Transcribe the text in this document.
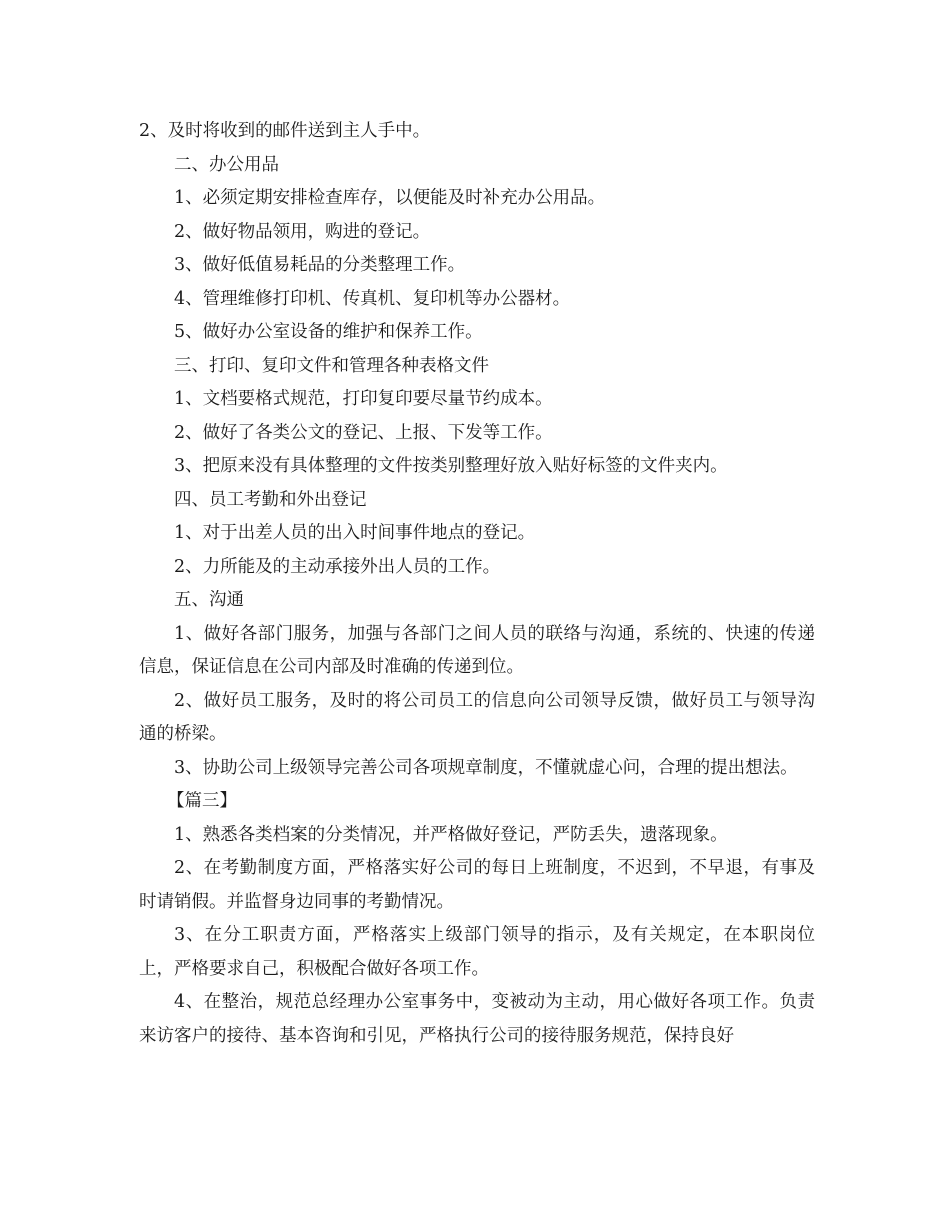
2、及时将收到的邮件送到主人手中。

二、办公用品

1、必须定期安排检查库存，以便能及时补充办公用品。

2、做好物品领用，购进的登记。

3、做好低值易耗品的分类整理工作。

4、管理维修打印机、传真机、复印机等办公器材。

5、做好办公室设备的维护和保养工作。

三、打印、复印文件和管理各种表格文件

1、文档要格式规范，打印复印要尽量节约成本。

2、做好了各类公文的登记、上报、下发等工作。

3、把原来没有具体整理的文件按类别整理好放入贴好标签的文件夹内。

四、员工考勤和外出登记

1、对于出差人员的出入时间事件地点的登记。

2、力所能及的主动承接外出人员的工作。

五、沟通

1、做好各部门服务，加强与各部门之间人员的联络与沟通，系统的、快速的传递信息，保证信息在公司内部及时准确的传递到位。

2、做好员工服务，及时的将公司员工的信息向公司领导反馈，做好员工与领导沟通的桥梁。

3、协助公司上级领导完善公司各项规章制度，不懂就虚心问，合理的提出想法。

【篇三】

1、熟悉各类档案的分类情况，并严格做好登记，严防丢失，遗落现象。

2、在考勤制度方面，严格落实好公司的每日上班制度，不迟到，不早退，有事及时请销假。并监督身边同事的考勤情况。

3、在分工职责方面，严格落实上级部门领导的指示，及有关规定，在本职岗位上，严格要求自己，积极配合做好各项工作。

4、在整治，规范总经理办公室事务中，变被动为主动，用心做好各项工作。负责来访客户的接待、基本咨询和引见，严格执行公司的接待服务规范，保持良好
